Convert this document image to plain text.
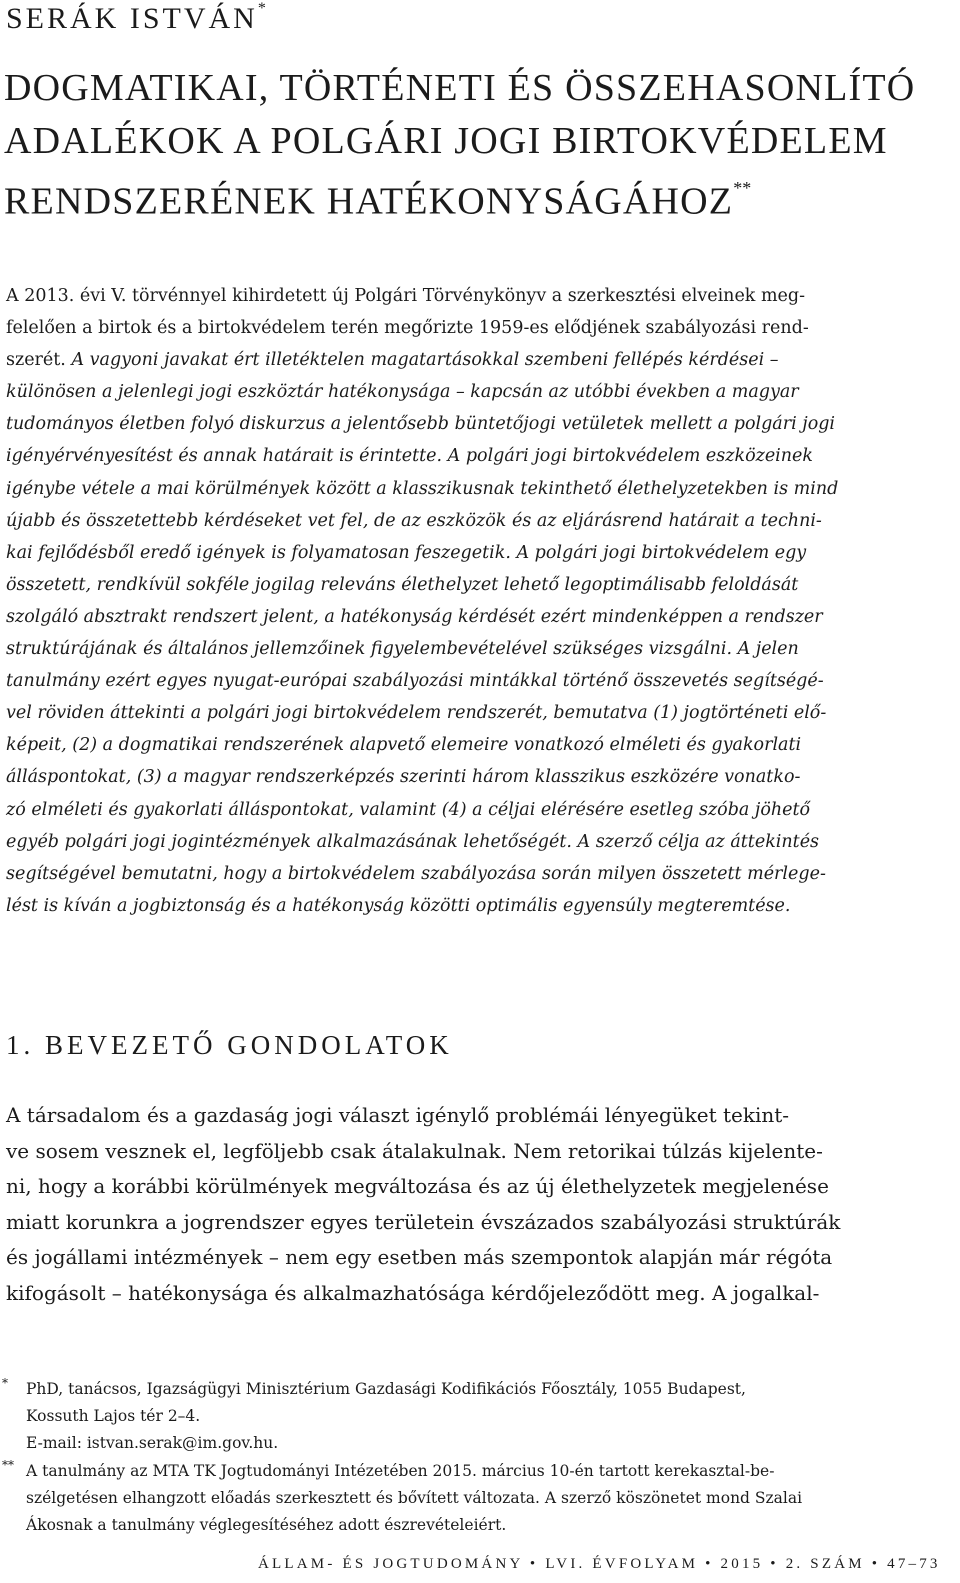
SERÁK ISTVÁN*
DOGMATIKAI, TÖRTÉNETI ÉS ÖSSZEHASONLÍTÓ
ADALÉKOK A POLGÁRI JOGI BIRTOKVÉDELEM
RENDSZERÉNEK HATÉKONYSÁGÁHOZ**
A 2013. évi V. törvénnyel kihirdetett új Polgári Törvénykönyv a szerkesztési elveinek meg-
felelően a birtok és a birtokvédelem terén megőrizte 1959-es elődjének szabályozási rend-
szerét. A vagyoni javakat ért illetéktelen magatartásokkal szembeni fellépés kérdései –
különösen a jelenlegi jogi eszköztár hatékonysága – kapcsán az utóbbi években a magyar
tudományos életben folyó diskurzus a jelentősebb büntetőjogi vetületek mellett a polgári jogi
igényérvényesítést és annak határait is érintette. A polgári jogi birtokvédelem eszközeinek
igénybe vétele a mai körülmények között a klasszikusnak tekinthető élethelyzetekben is mind
újabb és összetettebb kérdéseket vet fel, de az eszközök és az eljárásrend határait a techni-
kai fejlődésből eredő igények is folyamatosan feszegetik. A polgári jogi birtokvédelem egy
összetett, rendkívül sokféle jogilag releváns élethelyzet lehető legoptimálisabb feloldását
szolgáló absztrakt rendszert jelent, a hatékonyság kérdését ezért mindenképpen a rendszer
struktúrájának és általános jellemzőinek figyelembevételével szükséges vizsgálni. A jelen
tanulmány ezért egyes nyugat-európai szabályozási mintákkal történő összevetés segítségé-
vel röviden áttekinti a polgári jogi birtokvédelem rendszerét, bemutatva (1) jogtörténeti elő-
képeit, (2) a dogmatikai rendszerének alapvető elemeire vonatkozó elméleti és gyakorlati
álláspontokat, (3) a magyar rendszerképzés szerinti három klasszikus eszközére vonatko-
zó elméleti és gyakorlati álláspontokat, valamint (4) a céljai elérésére esetleg szóba jöhető
egyéb polgári jogi jogintézmények alkalmazásának lehetőségét. A szerző célja az áttekintés
segítségével bemutatni, hogy a birtokvédelem szabályozása során milyen összetett mérlege-
lést is kíván a jogbiztonság és a hatékonyság közötti optimális egyensúly megteremtése.
1. BEVEZETŐ GONDOLATOK
A társadalom és a gazdaság jogi választ igénylő problémái lényegüket tekint-
ve sosem vesznek el, legföljebb csak átalakulnak. Nem retorikai túlzás kijelente-
ni, hogy a korábbi körülmények megváltozása és az új élethelyzetek megjelenése
miatt korunkra a jogrendszer egyes területein évszázados szabályozási struktúrák
és jogállami intézmények – nem egy esetben más szempontok alapján már régóta
kifogásolt – hatékonysága és alkalmazhatósága kérdőjeleződött meg. A jogalkal-
* PhD, tanácsos, Igazságügyi Minisztérium Gazdasági Kodifikációs Főosztály, 1055 Budapest,
Kossuth Lajos tér 2–4.
E-mail: istvan.serak@im.gov.hu.
** A tanulmány az MTA TK Jogtudományi Intézetében 2015. március 10-én tartott kerekasztal-be-
szélgetésen elhangzott előadás szerkesztett és bővített változata. A szerző köszönetet mond Szalai
Ákosnak a tanulmány véglegesítéséhez adott észrevételeiért.
ÁLLAM- ÉS JOGTUDOMÁNY • LVI. ÉVFOLYAM • 2015 • 2. SZÁM • 47–73
